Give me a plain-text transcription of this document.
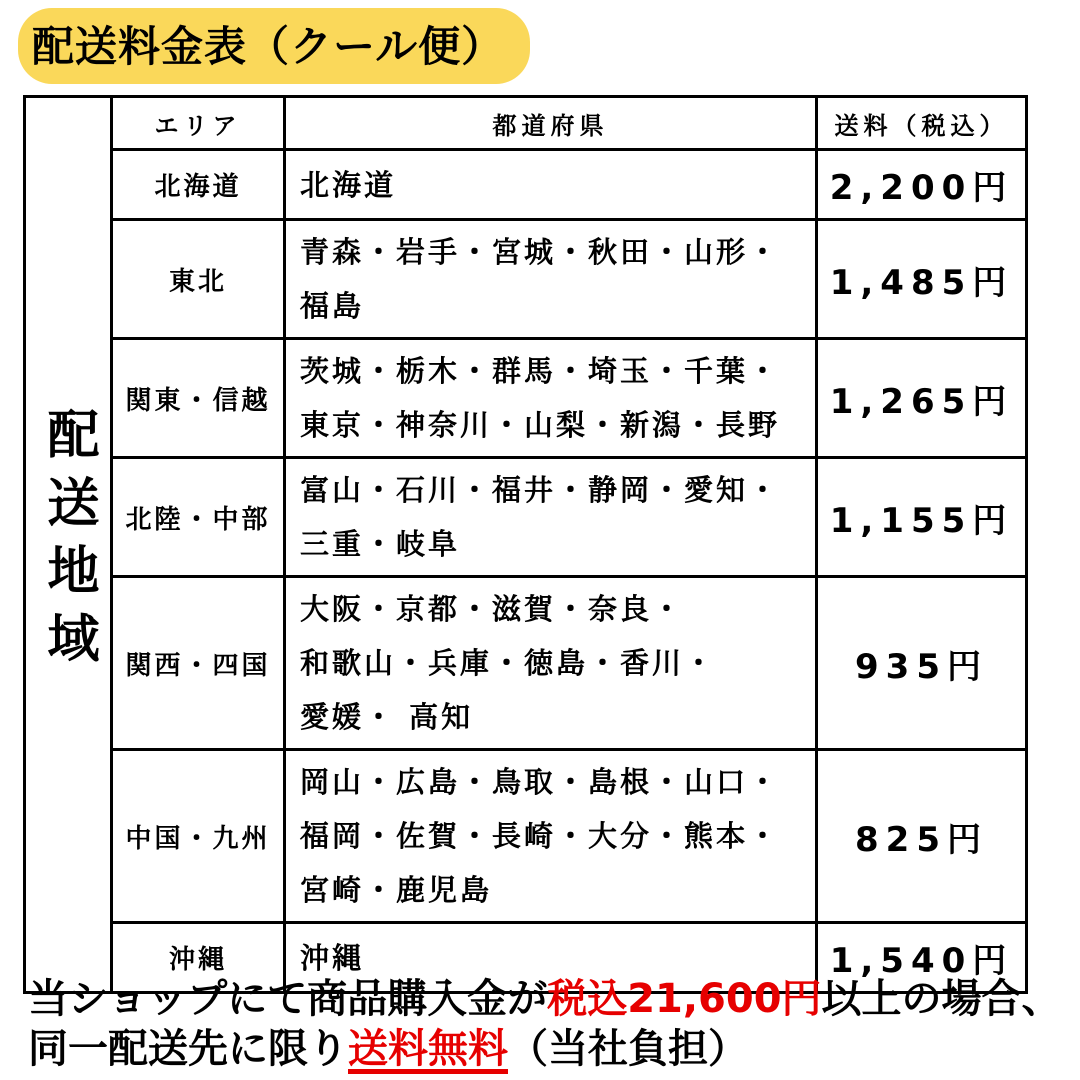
配送料金表（クール便）
配送地域	エリア	都道府県	送料（税込）
	北海道	北海道	2,200円
	東北	青森・岩手・宮城・秋田・山形・
福島	1,485円
	関東・信越	茨城・栃木・群馬・埼玉・千葉・
東京・神奈川・山梨・新潟・長野	1,265円
	北陸・中部	富山・石川・福井・静岡・愛知・
三重・岐阜	1,155円
	関西・四国	大阪・京都・滋賀・奈良・
和歌山・兵庫・徳島・香川・
愛媛・ 高知	935円
	中国・九州	岡山・広島・鳥取・島根・山口・
福岡・佐賀・長崎・大分・熊本・
宮崎・鹿児島	825円
	沖縄	沖縄	1,540円
当ショップにて商品購入金が税込21,600円以上の場合、
同一配送先に限り送料無料（当社負担）
